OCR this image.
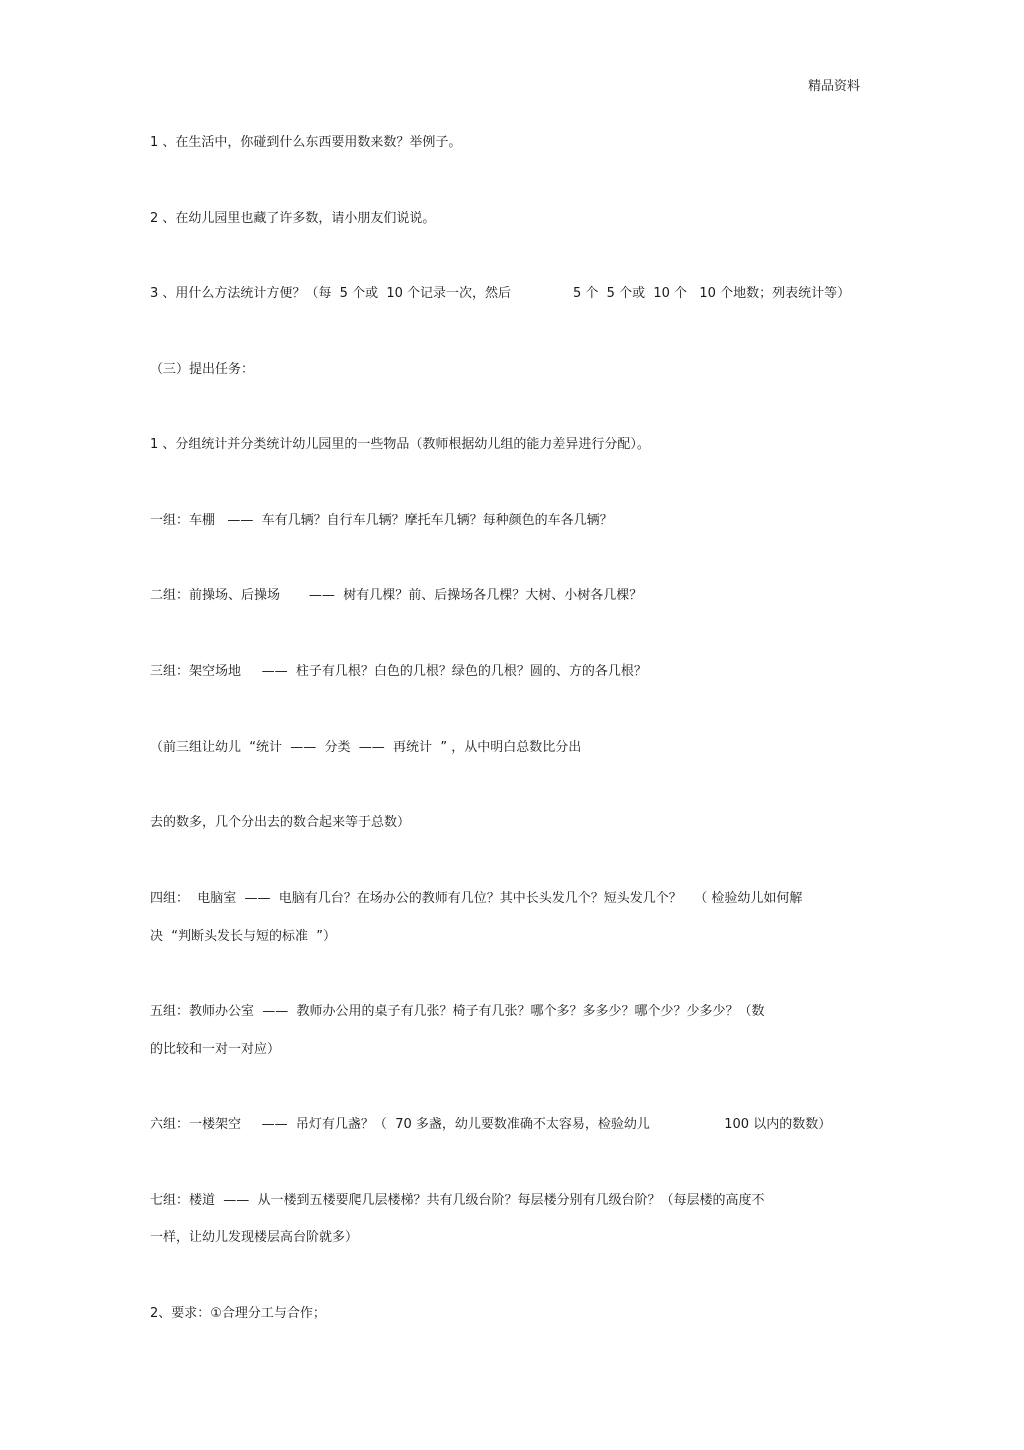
精品资料
1 、在生活中，你碰到什么东西要用数来数？举例子。
2 、在幼儿园里也藏了许多数，请小朋友们说说。
3 、用什么方法统计方便？（每  5 个或  10 个记录一次，然后               5 个  5 个或  10 个   10 个地数；列表统计等）
（三）提出任务：
1 、分组统计并分类统计幼儿园里的一些物品（教师根据幼儿组的能力差异进行分配）。
一组：车棚   ——  车有几辆？自行车几辆？摩托车几辆？每种颜色的车各几辆？
二组：前操场、后操场       ——  树有几棵？前、后操场各几棵？大树、小树各几棵？
三组：架空场地     ——  柱子有几根？白色的几根？绿色的几根？圆的、方的各几根？
（前三组让幼儿  “统计  ——  分类  ——  再统计  ” ，从中明白总数比分出
去的数多，几个分出去的数合起来等于总数）
四组：  电脑室  ——  电脑有几台？在场办公的教师有几位？其中长头发几个？短头发几个？   （ 检验幼儿如何解
决  “判断头发长与短的标准  ”）
五组：教师办公室  ——  教师办公用的桌子有几张？椅子有几张？哪个多？多多少？哪个少？少多少？（数
的比较和一对一对应）
六组：一楼架空     ——  吊灯有几盏？（  70 多盏，幼儿要数准确不太容易，检验幼儿                  100 以内的数数）
七组：楼道  ——  从一楼到五楼要爬几层楼梯？共有几级台阶？每层楼分别有几级台阶？（每层楼的高度不
一样，让幼儿发现楼层高台阶就多）
2、要求：①合理分工与合作；
